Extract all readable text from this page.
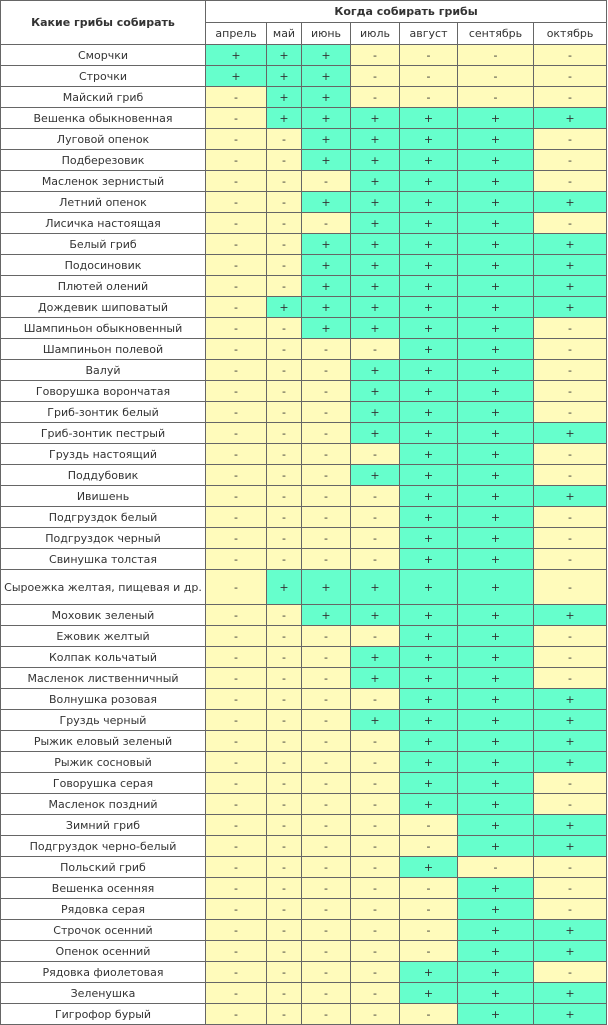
Какие грибы собирать	Когда собирать грибы						
	апрель	май	июнь	июль	август	сентябрь	октябрь
Сморчки	+	+	+	-	-	-	-
Строчки	+	+	+	-	-	-	-
Майский гриб	-	+	+	-	-	-	-
Вешенка обыкновенная	-	+	+	+	+	+	+
Луговой опенок	-	-	+	+	+	+	-
Подберезовик	-	-	+	+	+	+	-
Масленок зернистый	-	-	-	+	+	+	-
Летний опенок	-	-	+	+	+	+	+
Лисичка настоящая	-	-	-	+	+	+	-
Белый гриб	-	-	+	+	+	+	+
Подосиновик	-	-	+	+	+	+	+
Плютей олений	-	-	+	+	+	+	+
Дождевик шиповатый	-	+	+	+	+	+	+
Шампиньон обыкновенный	-	-	+	+	+	+	-
Шампиньон полевой	-	-	-	-	+	+	-
Валуй	-	-	-	+	+	+	-
Говорушка ворончатая	-	-	-	+	+	+	-
Гриб-зонтик белый	-	-	-	+	+	+	-
Гриб-зонтик пестрый	-	-	-	+	+	+	+
Груздь настоящий	-	-	-	-	+	+	-
Поддубовик	-	-	-	+	+	+	-
Ивишень	-	-	-	-	+	+	+
Подгруздок белый	-	-	-	-	+	+	-
Подгруздок черный	-	-	-	-	+	+	-
Свинушка толстая	-	-	-	-	+	+	-
Сыроежка желтая, пищевая и др.	-	+	+	+	+	+	-
Моховик зеленый	-	-	+	+	+	+	+
Ежовик желтый	-	-	-	-	+	+	-
Колпак кольчатый	-	-	-	+	+	+	-
Масленок лиственничный	-	-	-	+	+	+	-
Волнушка розовая	-	-	-	-	+	+	+
Груздь черный	-	-	-	+	+	+	+
Рыжик еловый зеленый	-	-	-	-	+	+	+
Рыжик сосновый	-	-	-	-	+	+	+
Говорушка серая	-	-	-	-	+	+	-
Масленок поздний	-	-	-	-	+	+	-
Зимний гриб	-	-	-	-	-	+	+
Подгруздок черно-белый	-	-	-	-	-	+	+
Польский гриб	-	-	-	-	+	-	-
Вешенка осенняя	-	-	-	-	-	+	-
Рядовка серая	-	-	-	-	-	+	-
Строчок осенний	-	-	-	-	-	+	+
Опенок осенний	-	-	-	-	-	+	+
Рядовка фиолетовая	-	-	-	-	+	+	-
Зеленушка	-	-	-	-	+	+	+
Гигрофор бурый	-	-	-	-	-	+	+
